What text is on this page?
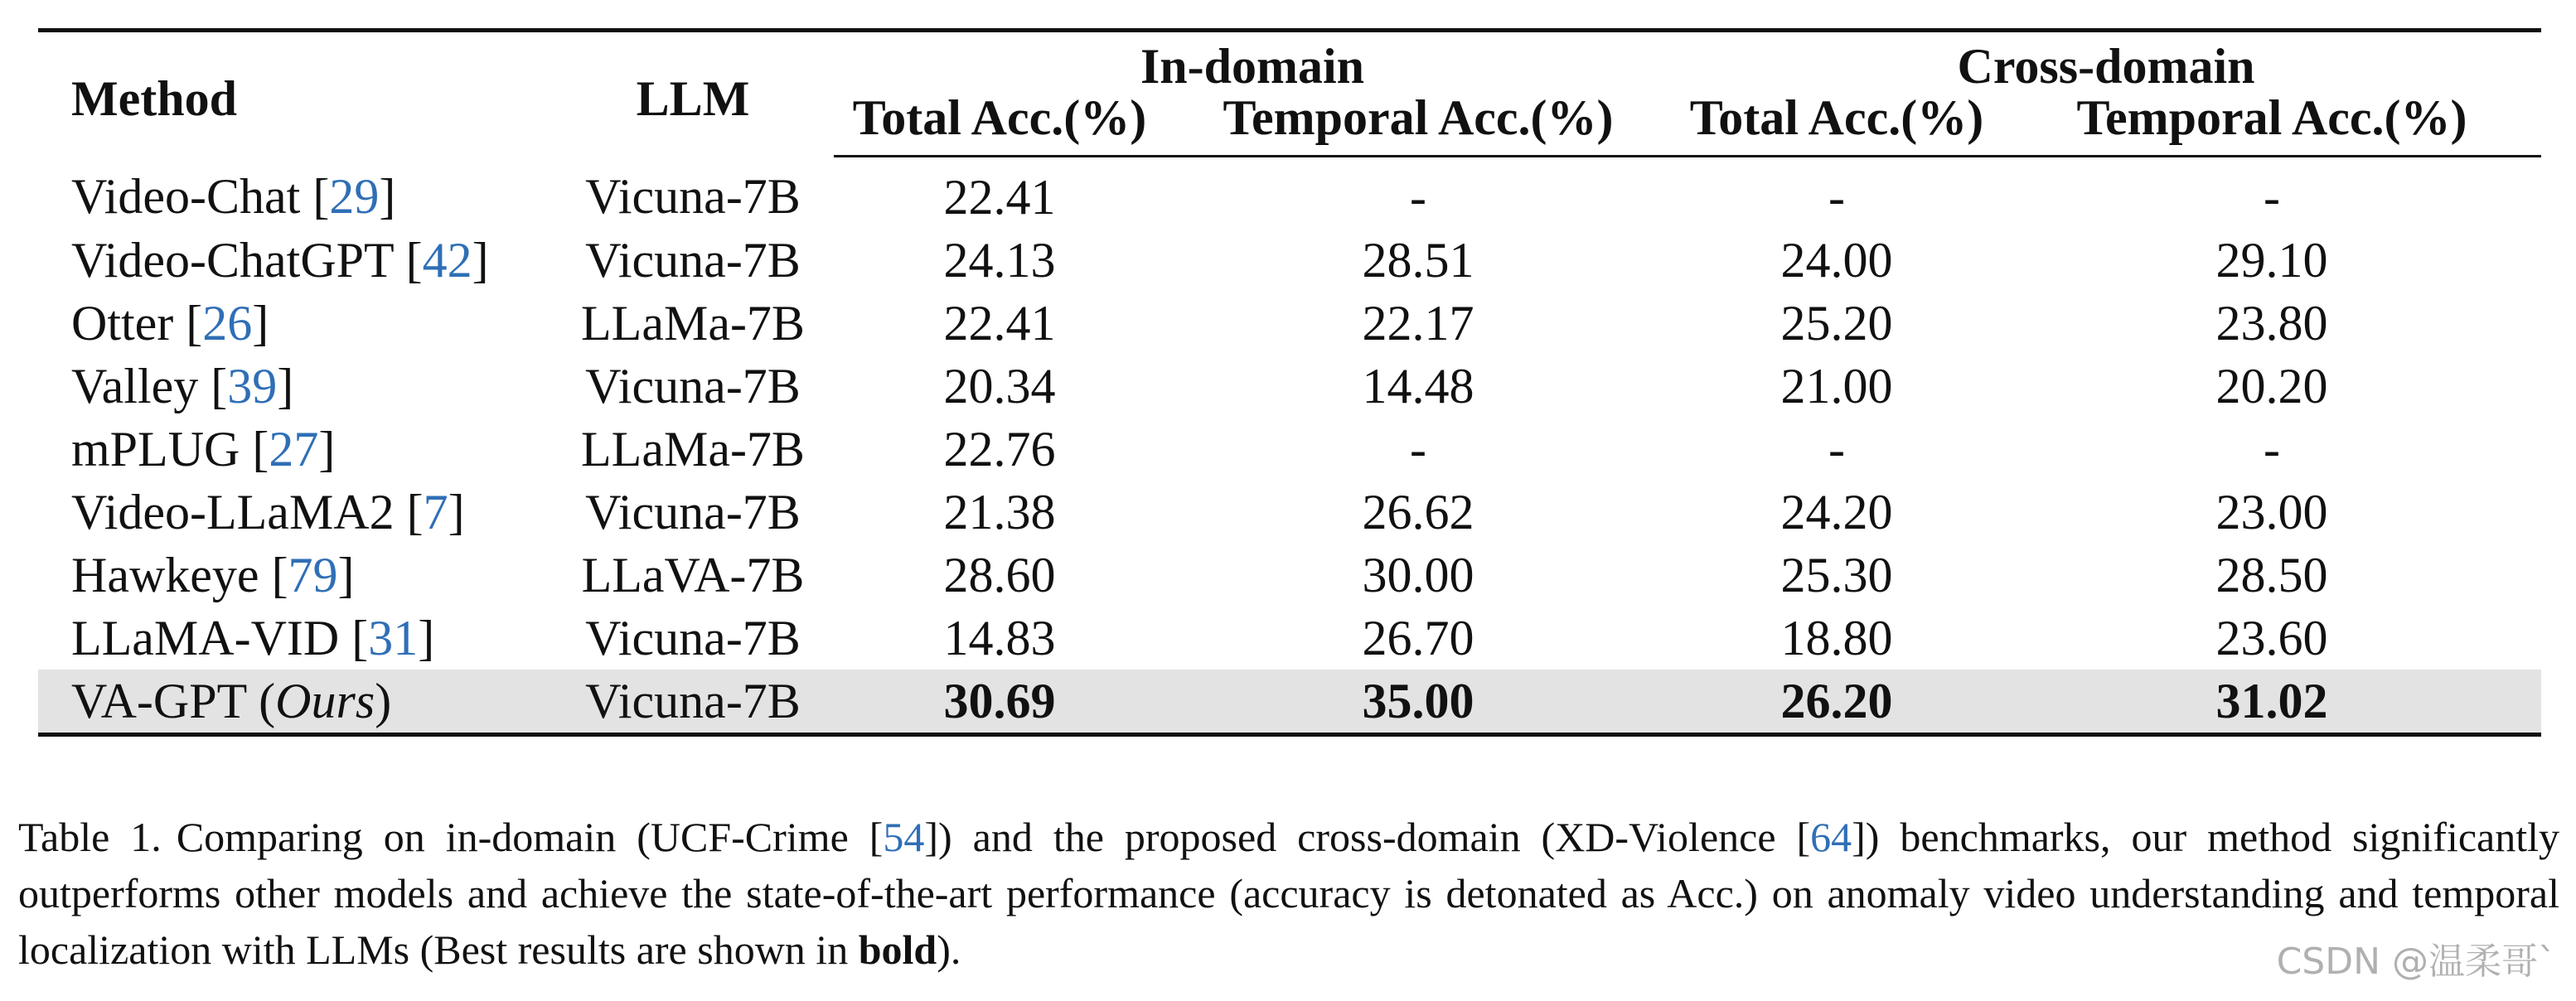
Method	LLM	In-domain		Cross-domain	
		Total Acc.(%)	Temporal Acc.(%)	Total Acc.(%)	Temporal Acc.(%)
Video-Chat [29]	Vicuna-7B	22.41	-	-	-
Video-ChatGPT [42]	Vicuna-7B	24.13	28.51	24.00	29.10
Otter [26]	LLaMa-7B	22.41	22.17	25.20	23.80
Valley [39]	Vicuna-7B	20.34	14.48	21.00	20.20
mPLUG [27]	LLaMa-7B	22.76	-	-	-
Video-LLaMA2 [7]	Vicuna-7B	21.38	26.62	24.20	23.00
Hawkeye [79]	LLaVA-7B	28.60	30.00	25.30	28.50
LLaMA-VID [31]	Vicuna-7B	14.83	26.70	18.80	23.60
VA-GPT (Ours)	Vicuna-7B	30.69	35.00	26.20	31.02
Table 1. Comparing on in-domain (UCF-Crime [54]) and the proposed cross-domain (XD-Violence [64]) benchmarks, our method significantly outperforms other models and achieve the state-of-the-art performance (accuracy is detonated as Acc.) on anomaly video understanding and temporal localization with LLMs (Best results are shown in bold).	CSDN @温柔哥`
